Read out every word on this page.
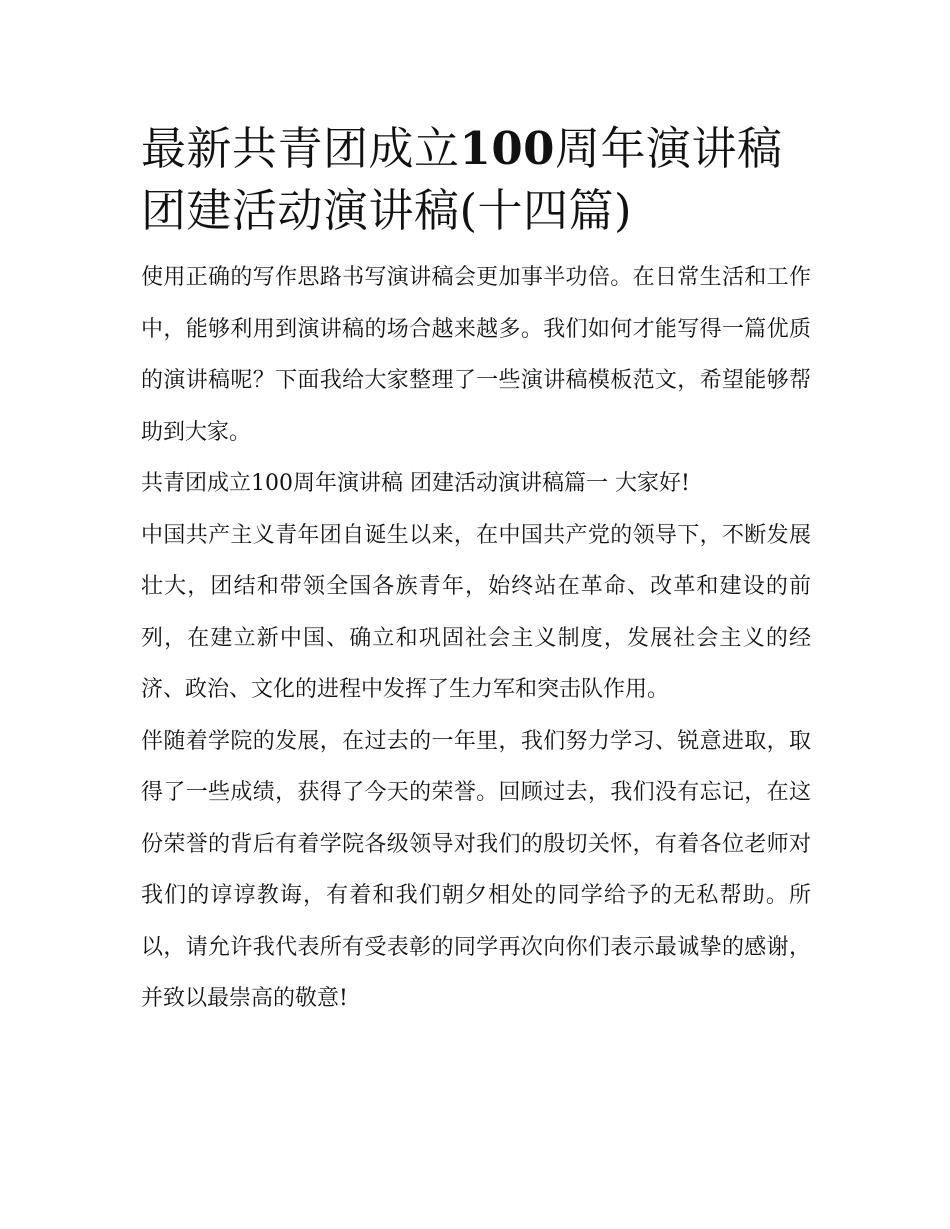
最新共青团成立100周年演讲稿 团建活动演讲稿(十四篇)

使用正确的写作思路书写演讲稿会更加事半功倍。在日常生活和工作中，能够利用到演讲稿的场合越来越多。我们如何才能写得一篇优质的演讲稿呢？下面我给大家整理了一些演讲稿模板范文，希望能够帮助到大家。

共青团成立100周年演讲稿 团建活动演讲稿篇一 大家好!

中国共产主义青年团自诞生以来，在中国共产党的领导下，不断发展壮大，团结和带领全国各族青年，始终站在革命、改革和建设的前列，在建立新中国、确立和巩固社会主义制度，发展社会主义的经济、政治、文化的进程中发挥了生力军和突击队作用。

伴随着学院的发展，在过去的一年里，我们努力学习、锐意进取，取得了一些成绩，获得了今天的荣誉。回顾过去，我们没有忘记，在这份荣誉的背后有着学院各级领导对我们的殷切关怀，有着各位老师对我们的谆谆教诲，有着和我们朝夕相处的同学给予的无私帮助。所以，请允许我代表所有受表彰的同学再次向你们表示最诚挚的感谢，并致以最崇高的敬意!
